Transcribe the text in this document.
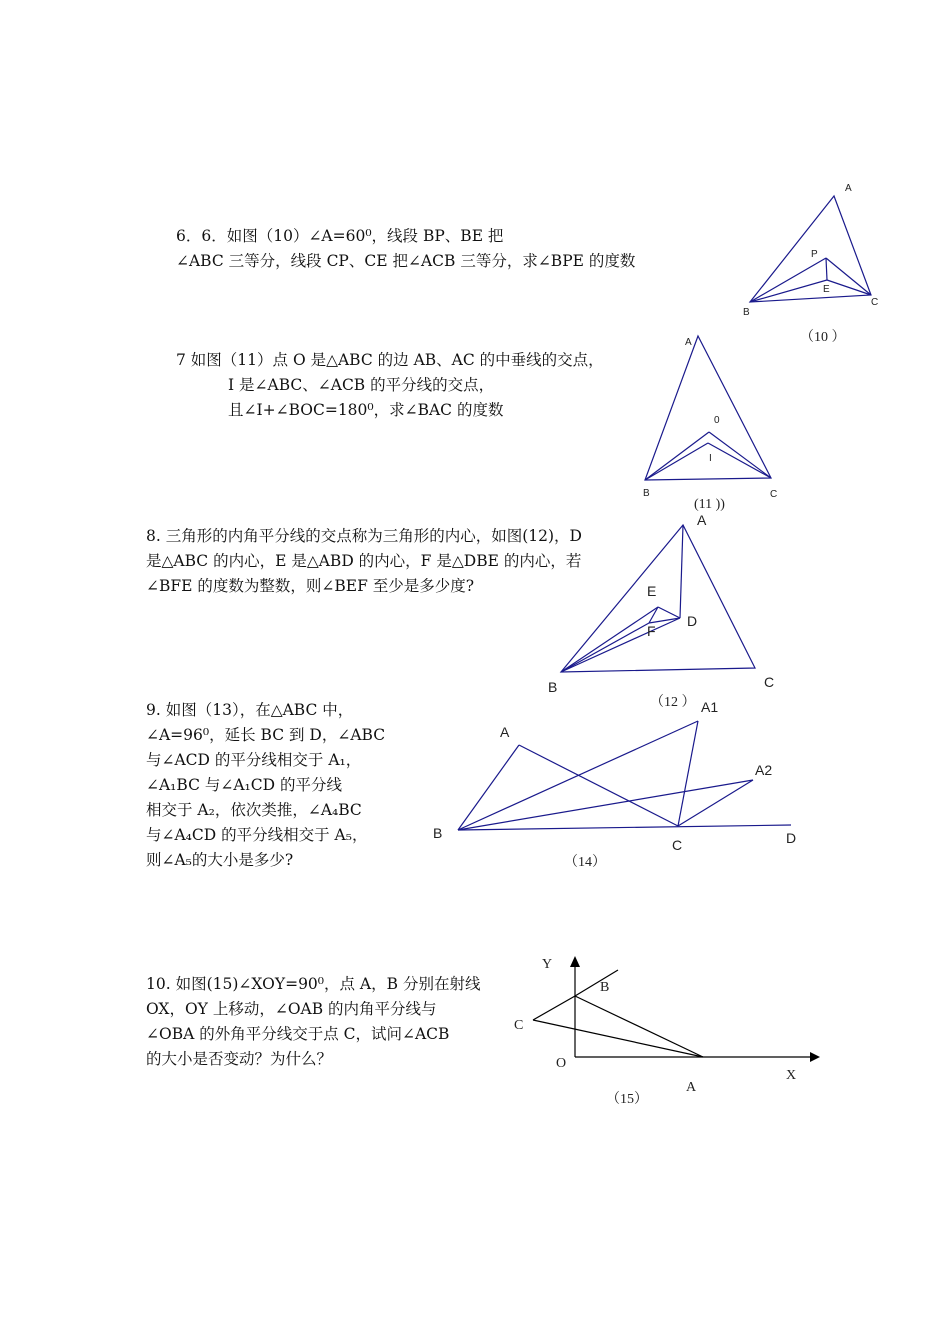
6．6．如图（10）∠A=60⁰，线段 BP、BE 把

∠ABC 三等分，线段 CP、CE 把∠ACB 三等分，求∠BPE 的度数

7 如图（11）点 O 是△ABC 的边 AB、AC 的中垂线的交点，

I 是∠ABC、∠ACB 的平分线的交点，

且∠I+∠BOC=180⁰，求∠BAC 的度数

8. 三角形的内角平分线的交点称为三角形的内心，如图(12)，D

是△ABC 的内心，E 是△ABD 的内心，F 是△DBE 的内心，若

∠BFE 的度数为整数，则∠BEF 至少是多少度?

9. 如图（13），在△ABC 中，

∠A=96⁰，延长 BC 到 D，∠ABC

与∠ACD 的平分线相交于 A₁，

∠A₁BC 与∠A₁CD 的平分线

相交于 A₂，依次类推，∠A₄BC

与∠A₄CD 的平分线相交于 A₅，

则∠A₅的大小是多少?

10. 如图(15)∠XOY=90⁰，点 A，B 分别在射线

OX，OY 上移动，∠OAB 的内角平分线与

∠OBA 的外角平分线交于点 C，试问∠ACB

的大小是否变动？为什么？

A
B
C
P
E
（10 ）
A
B	C
0
I
(11 ))
A
B	C
D
E
F
（12 ）
A
A1
A2
B
C	D
（14）
Y
B
C
O
A
X
（15）
